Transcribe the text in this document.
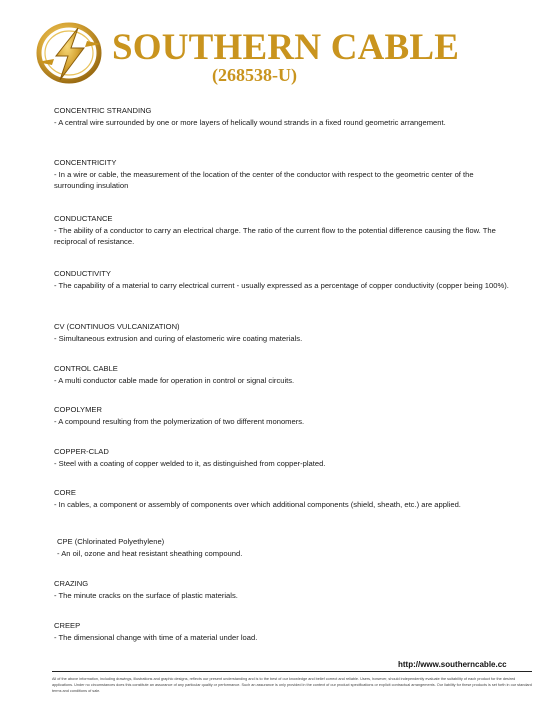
SOUTHERN CABLE
(268538-U)
CONCENTRIC STRANDING
- A central wire surrounded by one or more layers of helically wound strands in a fixed round geometric arrangement.
CONCENTRICITY
- In a wire or cable, the measurement of the location of the center of the conductor with respect to the geometric center of the surrounding insulation
CONDUCTANCE
- The ability of a conductor to carry an electrical charge. The ratio of the current flow to the potential difference causing the flow. The reciprocal of resistance.
CONDUCTIVITY
- The capability of a material to carry electrical current - usually expressed as a percentage of copper conductivity (copper being 100%).
CV (CONTINUOS VULCANIZATION)
- Simultaneous extrusion and curing of elastomeric wire coating materials.
CONTROL CABLE
- A multi conductor cable made for operation in control or signal circuits.
COPOLYMER
- A compound resulting from the polymerization of two different monomers.
COPPER-CLAD
- Steel with a coating of copper welded to it, as distinguished from copper-plated.
CORE
- In cables, a component or assembly of components over which additional components (shield, sheath, etc.) are applied.
CPE (Chlorinated Polyethylene)
- An oil, ozone and heat resistant sheathing compound.
CRAZING
- The minute cracks on the surface of plastic materials.
CREEP
- The dimensional change with time of a material under load.
http://www.southerncable.cc
All of the above information, including drawings, illustrations and graphic designs, reflects our present understanding and is to the best of our knowledge and belief correct and reliable. Users, however, should independently evaluate the suitability of each product for the desired applications. Under no circumstances does this constitute an assurance of any particular quality or performance. Such an assurance is only provided in the context of our product specifications or explicit contractual arrangements. Our liability for these products is set forth in our standard terms and conditions of sale.
